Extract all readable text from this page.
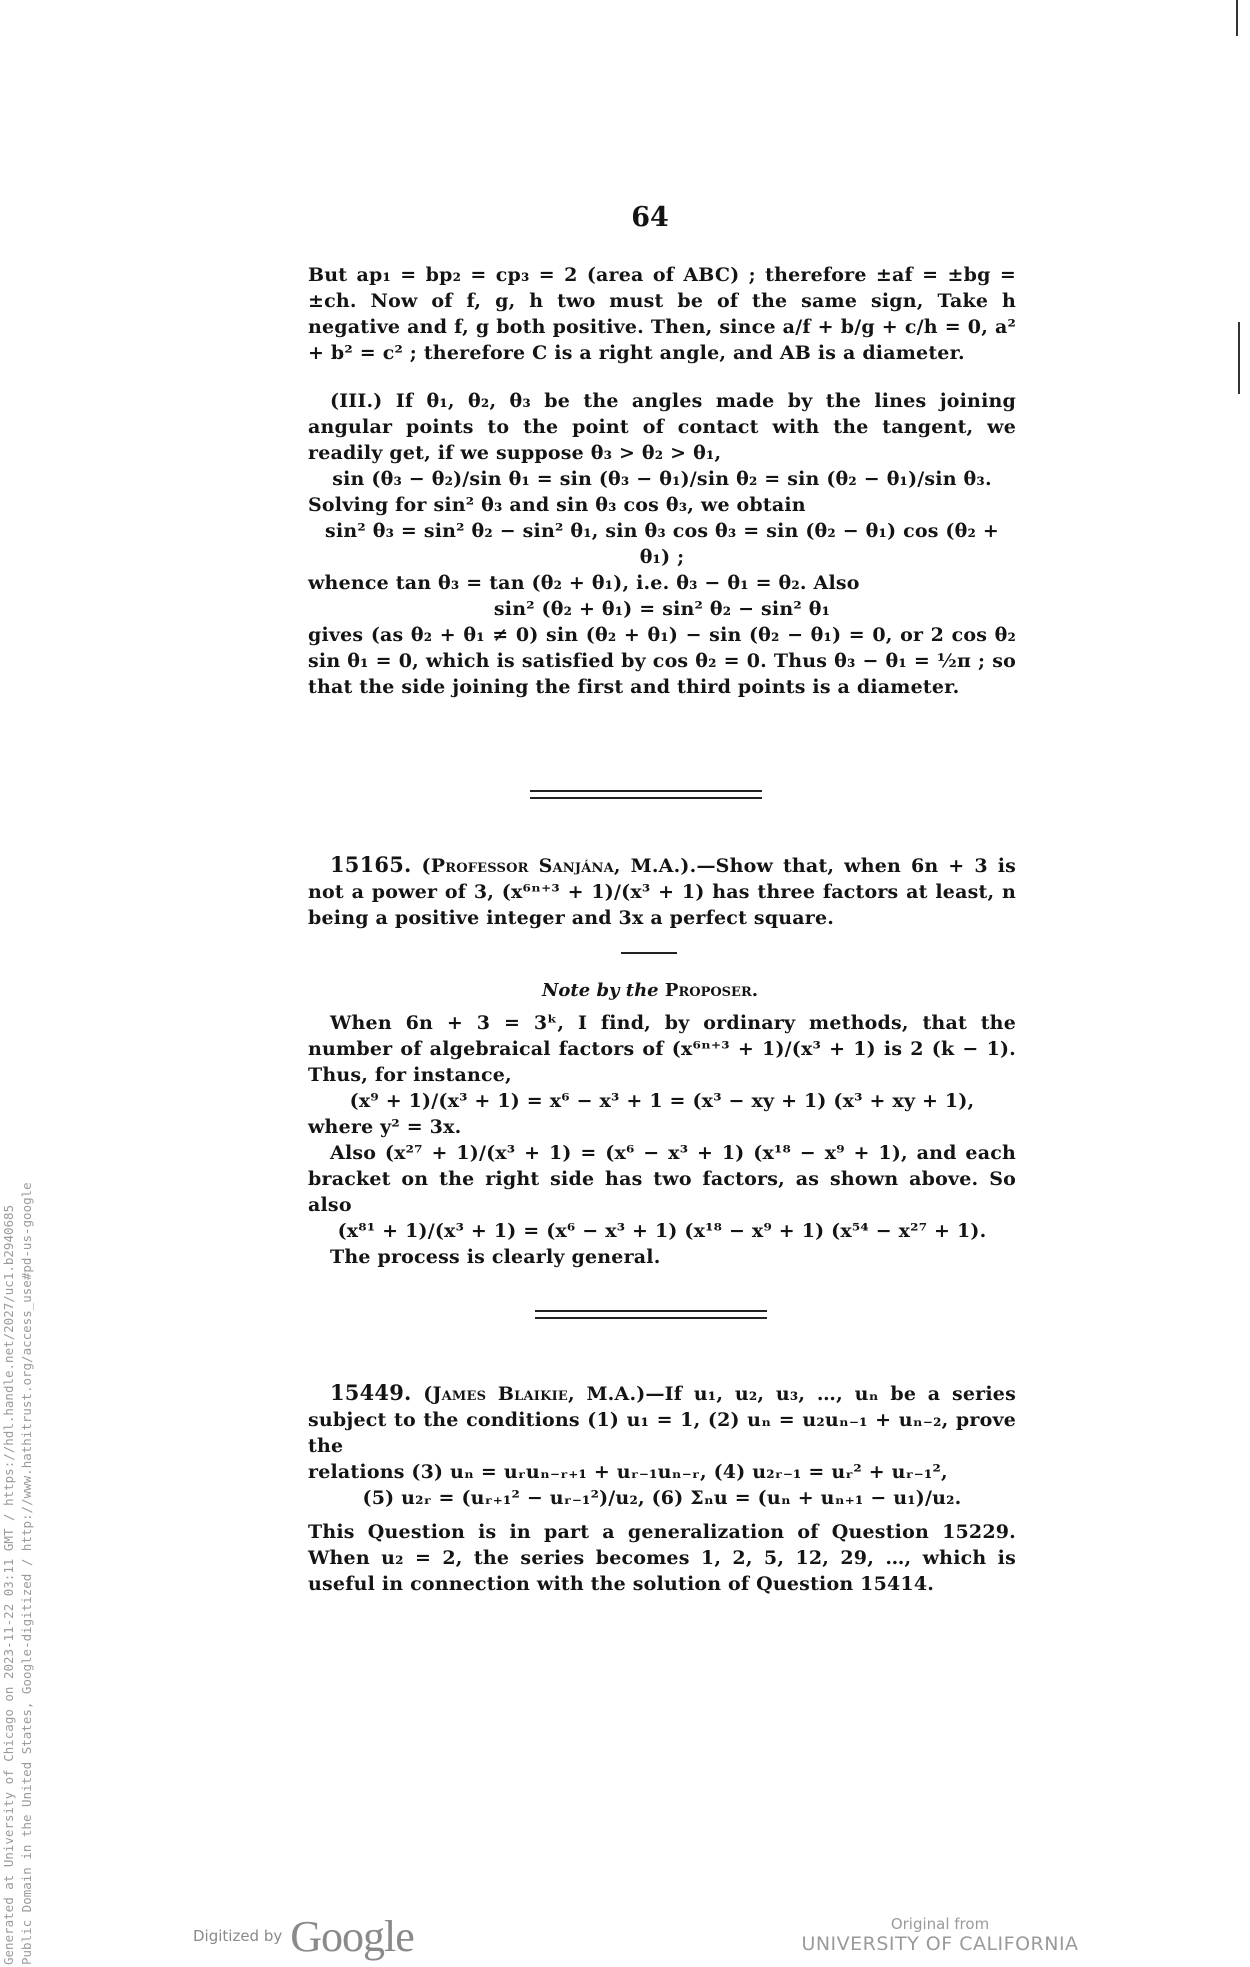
64

But ap₁ = bp₂ = cp₃ = 2 (area of ABC) ; therefore ±af = ±bg = ±ch. Now of f, g, h two must be of the same sign, Take h negative and f, g both positive. Then, since a/f + b/g + c/h = 0, a² + b² = c² ; therefore C is a right angle, and AB is a diameter.

(III.) If θ₁, θ₂, θ₃ be the angles made by the lines joining angular points to the point of contact with the tangent, we readily get, if we suppose θ₃ > θ₂ > θ₁,

sin (θ₃ − θ₂)/sin θ₁ = sin (θ₃ − θ₁)/sin θ₂ = sin (θ₂ − θ₁)/sin θ₃.

Solving for sin² θ₃ and sin θ₃ cos θ₃, we obtain

sin² θ₃ = sin² θ₂ − sin² θ₁, sin θ₃ cos θ₃ = sin (θ₂ − θ₁) cos (θ₂ + θ₁) ;

whence tan θ₃ = tan (θ₂ + θ₁), i.e. θ₃ − θ₁ = θ₂. Also

sin² (θ₂ + θ₁) = sin² θ₂ − sin² θ₁

gives (as θ₂ + θ₁ ≠ 0) sin (θ₂ + θ₁) − sin (θ₂ − θ₁) = 0, or 2 cos θ₂ sin θ₁ = 0, which is satisfied by cos θ₂ = 0. Thus θ₃ − θ₁ = ½π ; so that the side joining the first and third points is a diameter.

15165. (Professor Sanjána, M.A.).—Show that, when 6n + 3 is not a power of 3, (x⁶ⁿ⁺³ + 1)/(x³ + 1) has three factors at least, n being a positive integer and 3x a perfect square.

Note by the Proposer.

When 6n + 3 = 3ᵏ, I find, by ordinary methods, that the number of algebraical factors of (x⁶ⁿ⁺³ + 1)/(x³ + 1) is 2 (k − 1). Thus, for instance,

(x⁹ + 1)/(x³ + 1) = x⁶ − x³ + 1 = (x³ − xy + 1) (x³ + xy + 1),

where y² = 3x.

Also (x²⁷ + 1)/(x³ + 1) = (x⁶ − x³ + 1) (x¹⁸ − x⁹ + 1), and each bracket on the right side has two factors, as shown above. So also

(x⁸¹ + 1)/(x³ + 1) = (x⁶ − x³ + 1) (x¹⁸ − x⁹ + 1) (x⁵⁴ − x²⁷ + 1).

The process is clearly general.

15449. (James Blaikie, M.A.)—If u₁, u₂, u₃, …, uₙ be a series subject to the conditions (1) u₁ = 1, (2) uₙ = u₂uₙ₋₁ + uₙ₋₂, prove the

relations (3) uₙ = uᵣuₙ₋ᵣ₊₁ + uᵣ₋₁uₙ₋ᵣ, (4) u₂ᵣ₋₁ = uᵣ² + uᵣ₋₁²,

(5) u₂ᵣ = (uᵣ₊₁² − uᵣ₋₁²)/u₂, (6) Σₙu = (uₙ + uₙ₊₁ − u₁)/u₂.

This Question is in part a generalization of Question 15229. When u₂ = 2, the series becomes 1, 2, 5, 12, 29, …, which is useful in connection with the solution of Question 15414.

Generated at University of Chicago on 2023-11-22 03:11 GMT / https://hdl.handle.net/2027/uc1.b2940685 Public Domain in the United States, Google-digitized / http://www.hathitrust.org/access_use#pd-us-google	Digitized by Google	Original from
UNIVERSITY OF CALIFORNIA
